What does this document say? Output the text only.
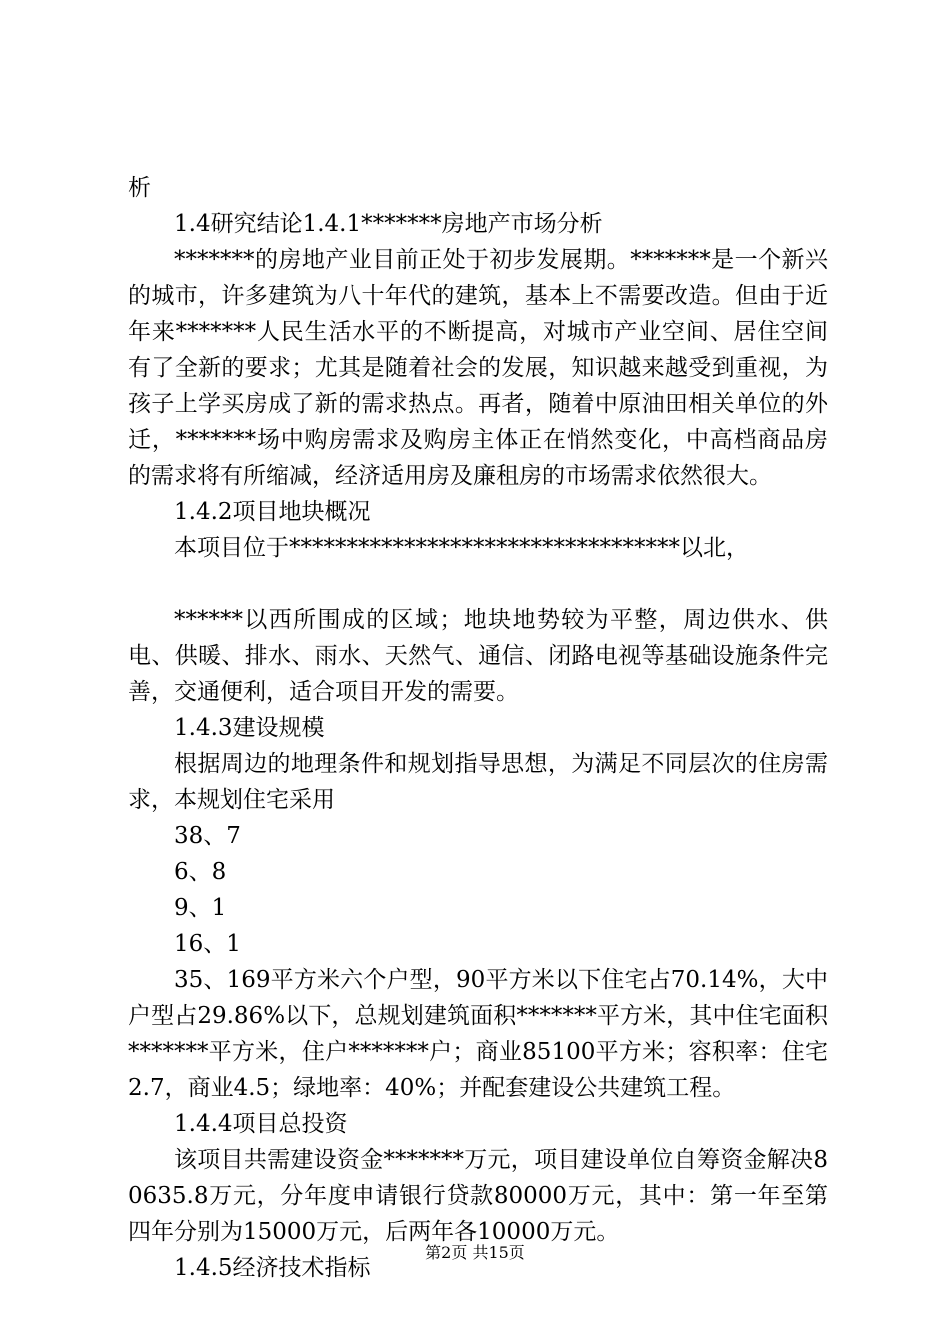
析

1.4研究结论1.4.1*******房地产市场分析

*******的房地产业目前正处于初步发展期。*******是一个新兴的城市，许多建筑为八十年代的建筑，基本上不需要改造。但由于近年来*******人民生活水平的不断提高，对城市产业空间、居住空间有了全新的要求；尤其是随着社会的发展，知识越来越受到重视，为孩子上学买房成了新的需求热点。再者，随着中原油田相关单位的外迁，*******场中购房需求及购房主体正在悄然变化，中高档商品房的需求将有所缩减，经济适用房及廉租房的市场需求依然很大。

1.4.2项目地块概况

本项目位于**********************************以北，

******以西所围成的区域；地块地势较为平整，周边供水、供电、供暖、排水、雨水、天然气、通信、闭路电视等基础设施条件完善，交通便利，适合项目开发的需要。

1.4.3建设规模

根据周边的地理条件和规划指导思想，为满足不同层次的住房需求，本规划住宅采用

38、7

6、8

9、1

16、1

35、169平方米六个户型，90平方米以下住宅占70.14%，大中户型占29.86%以下，总规划建筑面积*******平方米，其中住宅面积*******平方米，住户*******户；商业85100平方米；容积率：住宅2.7，商业4.5；绿地率：40%；并配套建设公共建筑工程。

1.4.4项目总投资

该项目共需建设资金*******万元，项目建设单位自筹资金解决80635.8万元，分年度申请银行贷款80000万元，其中：第一年至第四年分别为15000万元，后两年各10000万元。

1.4.5经济技术指标

第2页 共15页
